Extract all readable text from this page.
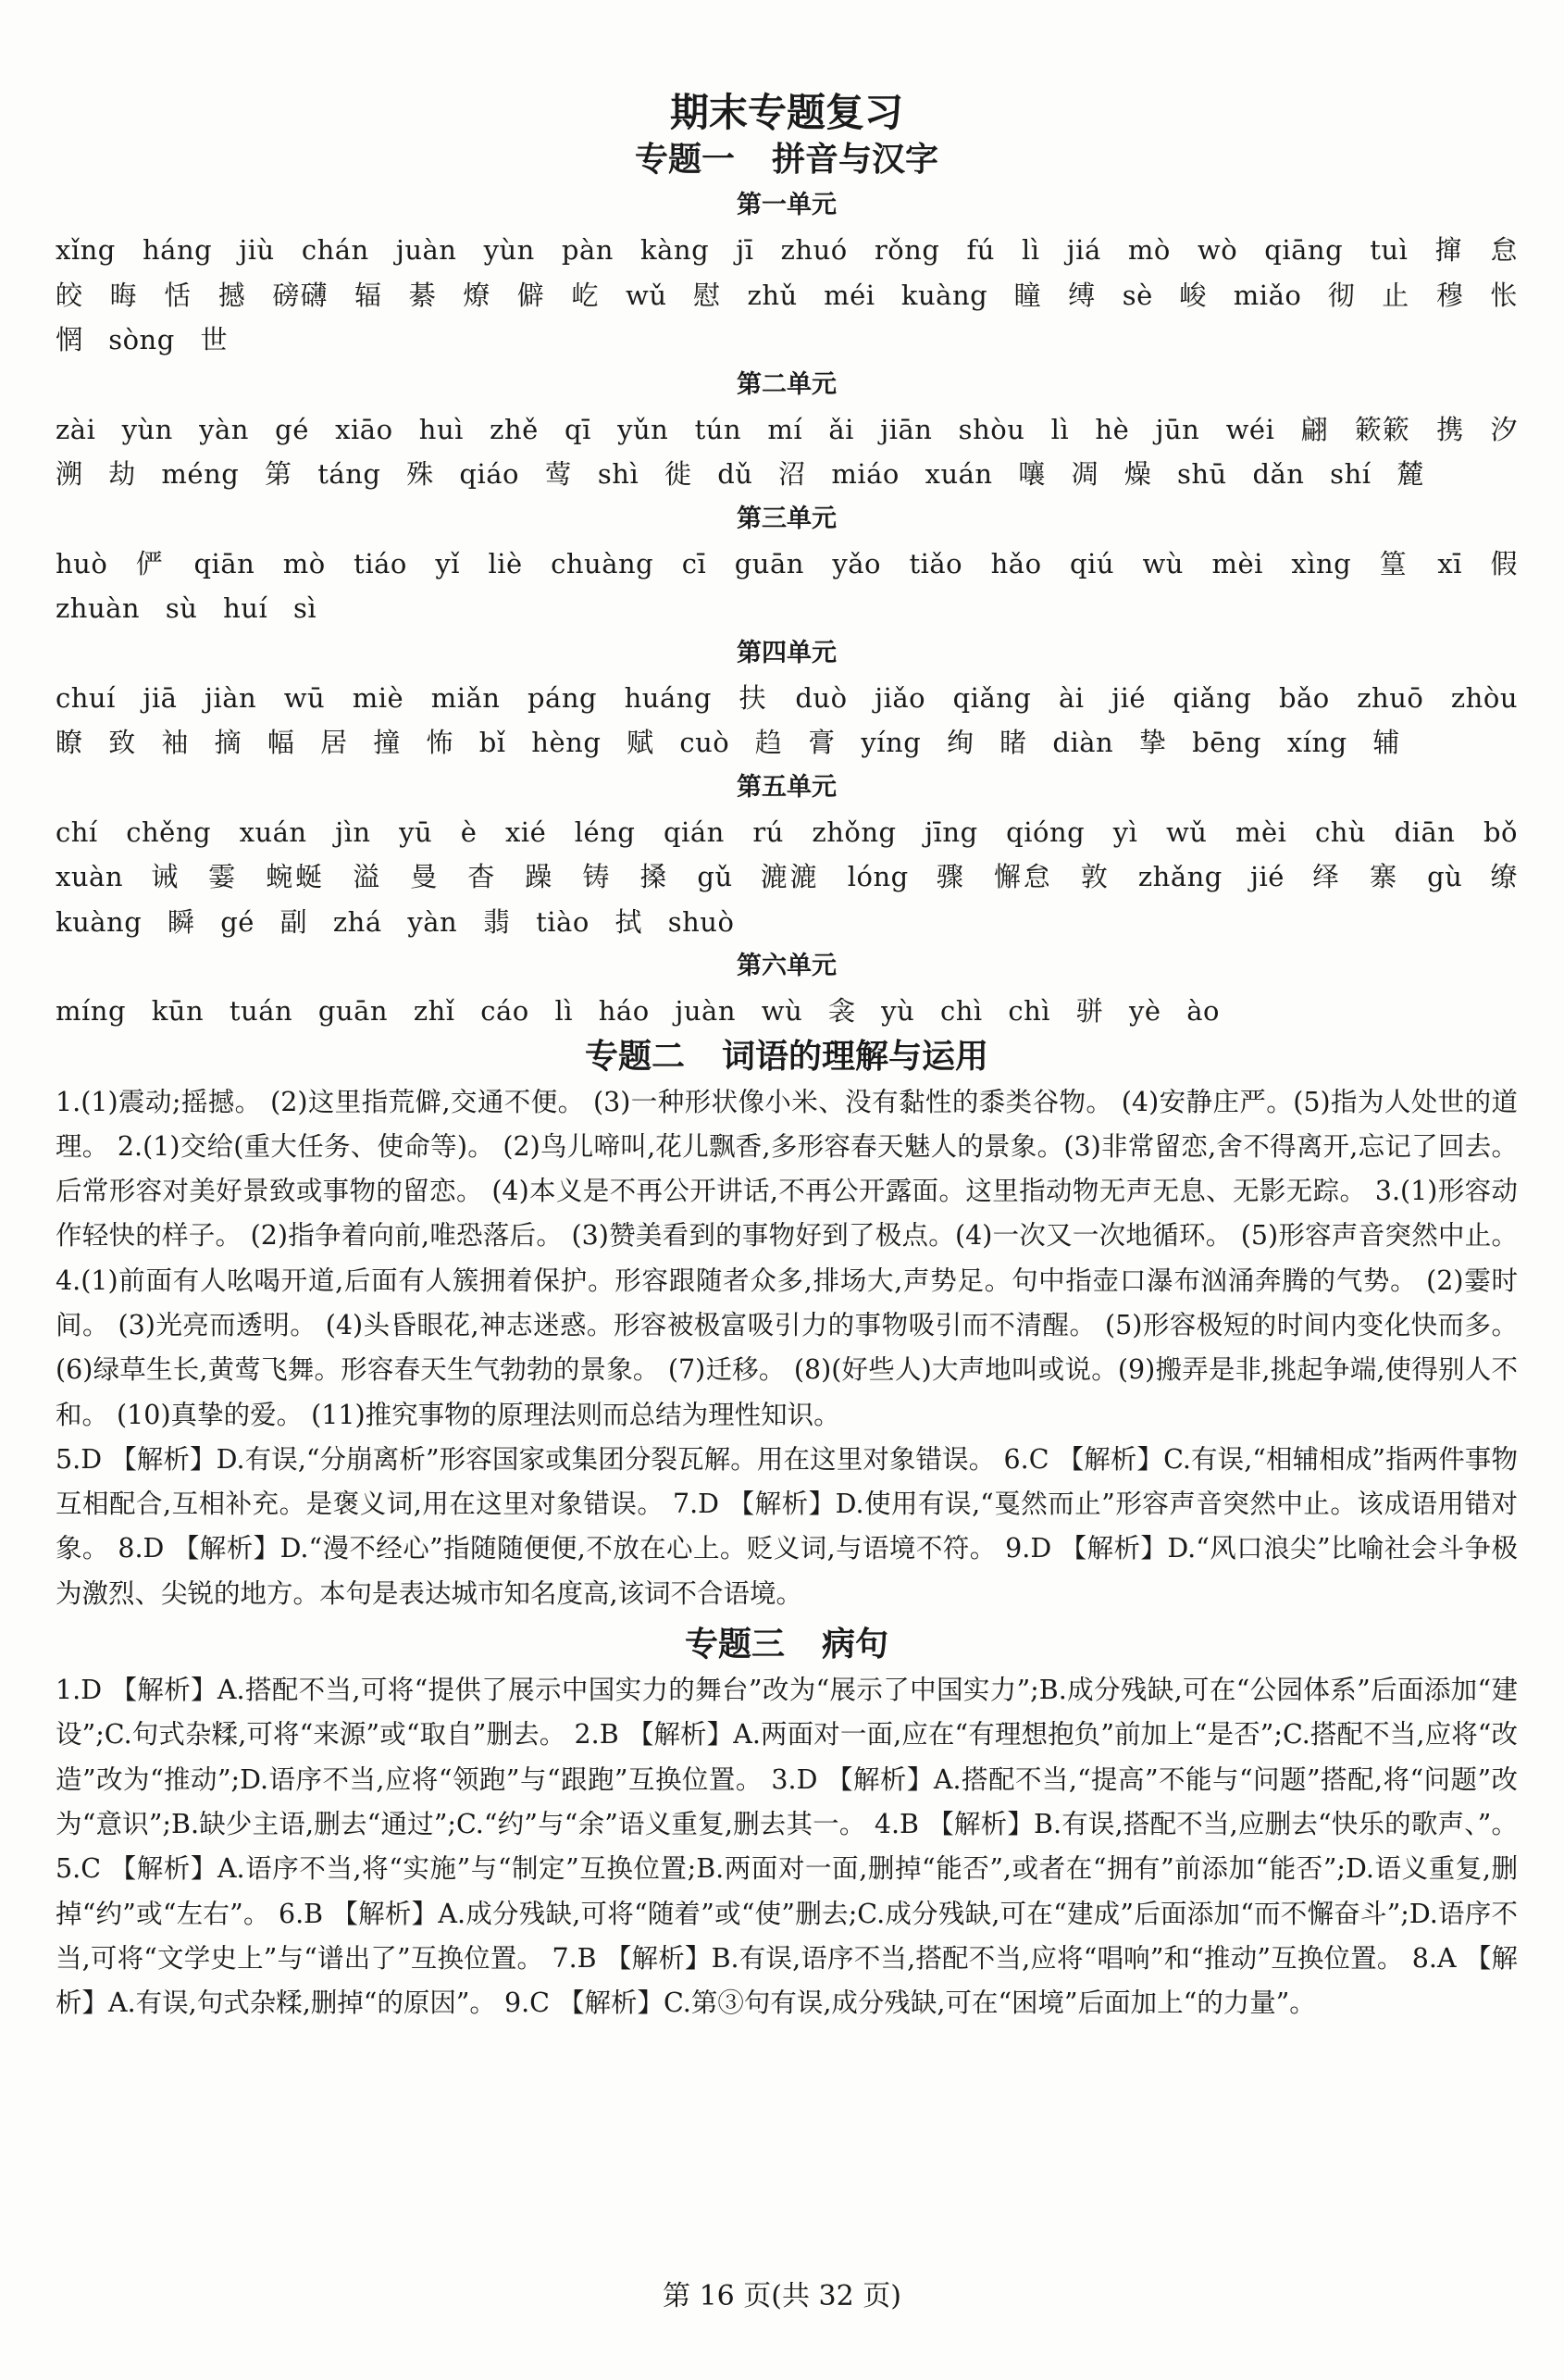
期末专题复习
专题一 拼音与汉字
第一单元

xǐng háng jiù chán juàn yùn pàn kàng jī zhuó rǒng fú lì jiá mò wò qiāng tuì 撺 怠 皎 晦 恬 撼 磅礴 辐 綦 燎 僻 屹 wǔ 慰 zhǔ méi kuàng 瞳 缚 sè 峻 miǎo 彻 止 穆 怅惘 sòng 世

第二单元

zài yùn yàn gé xiāo huì zhě qī yǔn tún mí ǎi jiān shòu lì hè jūn wéi 翩 簌簌 携 汐 溯 劫 méng 第 táng 殊 qiáo 莺 shì 徙 dǔ 沼 miáo xuán 嚷 凋 燥 shū dǎn shí 麓

第三单元

huò 俨 qiān mò tiáo yǐ liè chuàng cī guān yǎo tiǎo hǎo qiú wù mèi xìng 篁 xī 假 zhuàn sù huí sì

第四单元

chuí jiā jiàn wū miè miǎn páng huáng 扶 duò jiǎo qiǎng ài jié qiǎng bǎo zhuō zhòu 瞭 致 袖 摘 幅 居 撞 怖 bǐ hèng 赋 cuò 趋 膏 yíng 绚 睹 diàn 挚 bēng xíng 辅

第五单元

chí chěng xuán jìn yū è xié léng qián rú zhǒng jīng qióng yì wǔ mèi chù diān bǒ xuàn 诫 霎 蜿蜒 溢 曼 杳 躁 铸 搡 gǔ 漉漉 lóng 骤 懈怠 敦 zhǎng jié 绎 寨 gù 缭 kuàng 瞬 gé 副 zhá yàn 翡 tiào 拭 shuò

第六单元

míng kūn tuán guān zhǐ cáo lì háo juàn wù 衾 yù chì chì 骈 yè ào

专题二 词语的理解与运用

1.(1)震动;摇撼。 (2)这里指荒僻,交通不便。 (3)一种形状像小米、没有黏性的黍类谷物。 (4)安静庄严。(5)指为人处世的道理。 2.(1)交给(重大任务、使命等)。 (2)鸟儿啼叫,花儿飘香,多形容春天魅人的景象。(3)非常留恋,舍不得离开,忘记了回去。后常形容对美好景致或事物的留恋。 (4)本义是不再公开讲话,不再公开露面。这里指动物无声无息、无影无踪。 3.(1)形容动作轻快的样子。 (2)指争着向前,唯恐落后。 (3)赞美看到的事物好到了极点。(4)一次又一次地循环。 (5)形容声音突然中止。 4.(1)前面有人吆喝开道,后面有人簇拥着保护。形容跟随者众多,排场大,声势足。句中指壶口瀑布汹涌奔腾的气势。 (2)霎时间。 (3)光亮而透明。 (4)头昏眼花,神志迷惑。形容被极富吸引力的事物吸引而不清醒。 (5)形容极短的时间内变化快而多。 (6)绿草生长,黄莺飞舞。形容春天生气勃勃的景象。 (7)迁移。 (8)(好些人)大声地叫或说。(9)搬弄是非,挑起争端,使得别人不和。 (10)真挚的爱。 (11)推究事物的原理法则而总结为理性知识。

5.D 【解析】D.有误,“分崩离析”形容国家或集团分裂瓦解。用在这里对象错误。 6.C 【解析】C.有误,“相辅相成”指两件事物互相配合,互相补充。是褒义词,用在这里对象错误。 7.D 【解析】D.使用有误,“戛然而止”形容声音突然中止。该成语用错对象。 8.D 【解析】D.“漫不经心”指随随便便,不放在心上。贬义词,与语境不符。 9.D 【解析】D.“风口浪尖”比喻社会斗争极为激烈、尖锐的地方。本句是表达城市知名度高,该词不合语境。

专题三 病句

1.D 【解析】A.搭配不当,可将“提供了展示中国实力的舞台”改为“展示了中国实力”;B.成分残缺,可在“公园体系”后面添加“建设”;C.句式杂糅,可将“来源”或“取自”删去。 2.B 【解析】A.两面对一面,应在“有理想抱负”前加上“是否”;C.搭配不当,应将“改造”改为“推动”;D.语序不当,应将“领跑”与“跟跑”互换位置。 3.D 【解析】A.搭配不当,“提高”不能与“问题”搭配,将“问题”改为“意识”;B.缺少主语,删去“通过”;C.“约”与“余”语义重复,删去其一。 4.B 【解析】B.有误,搭配不当,应删去“快乐的歌声、”。 5.C 【解析】A.语序不当,将“实施”与“制定”互换位置;B.两面对一面,删掉“能否”,或者在“拥有”前添加“能否”;D.语义重复,删掉“约”或“左右”。 6.B 【解析】A.成分残缺,可将“随着”或“使”删去;C.成分残缺,可在“建成”后面添加“而不懈奋斗”;D.语序不当,可将“文学史上”与“谱出了”互换位置。 7.B 【解析】B.有误,语序不当,搭配不当,应将“唱响”和“推动”互换位置。 8.A 【解析】A.有误,句式杂糅,删掉“的原因”。 9.C 【解析】C.第③句有误,成分残缺,可在“困境”后面加上“的力量”。

第 16 页(共 32 页)
